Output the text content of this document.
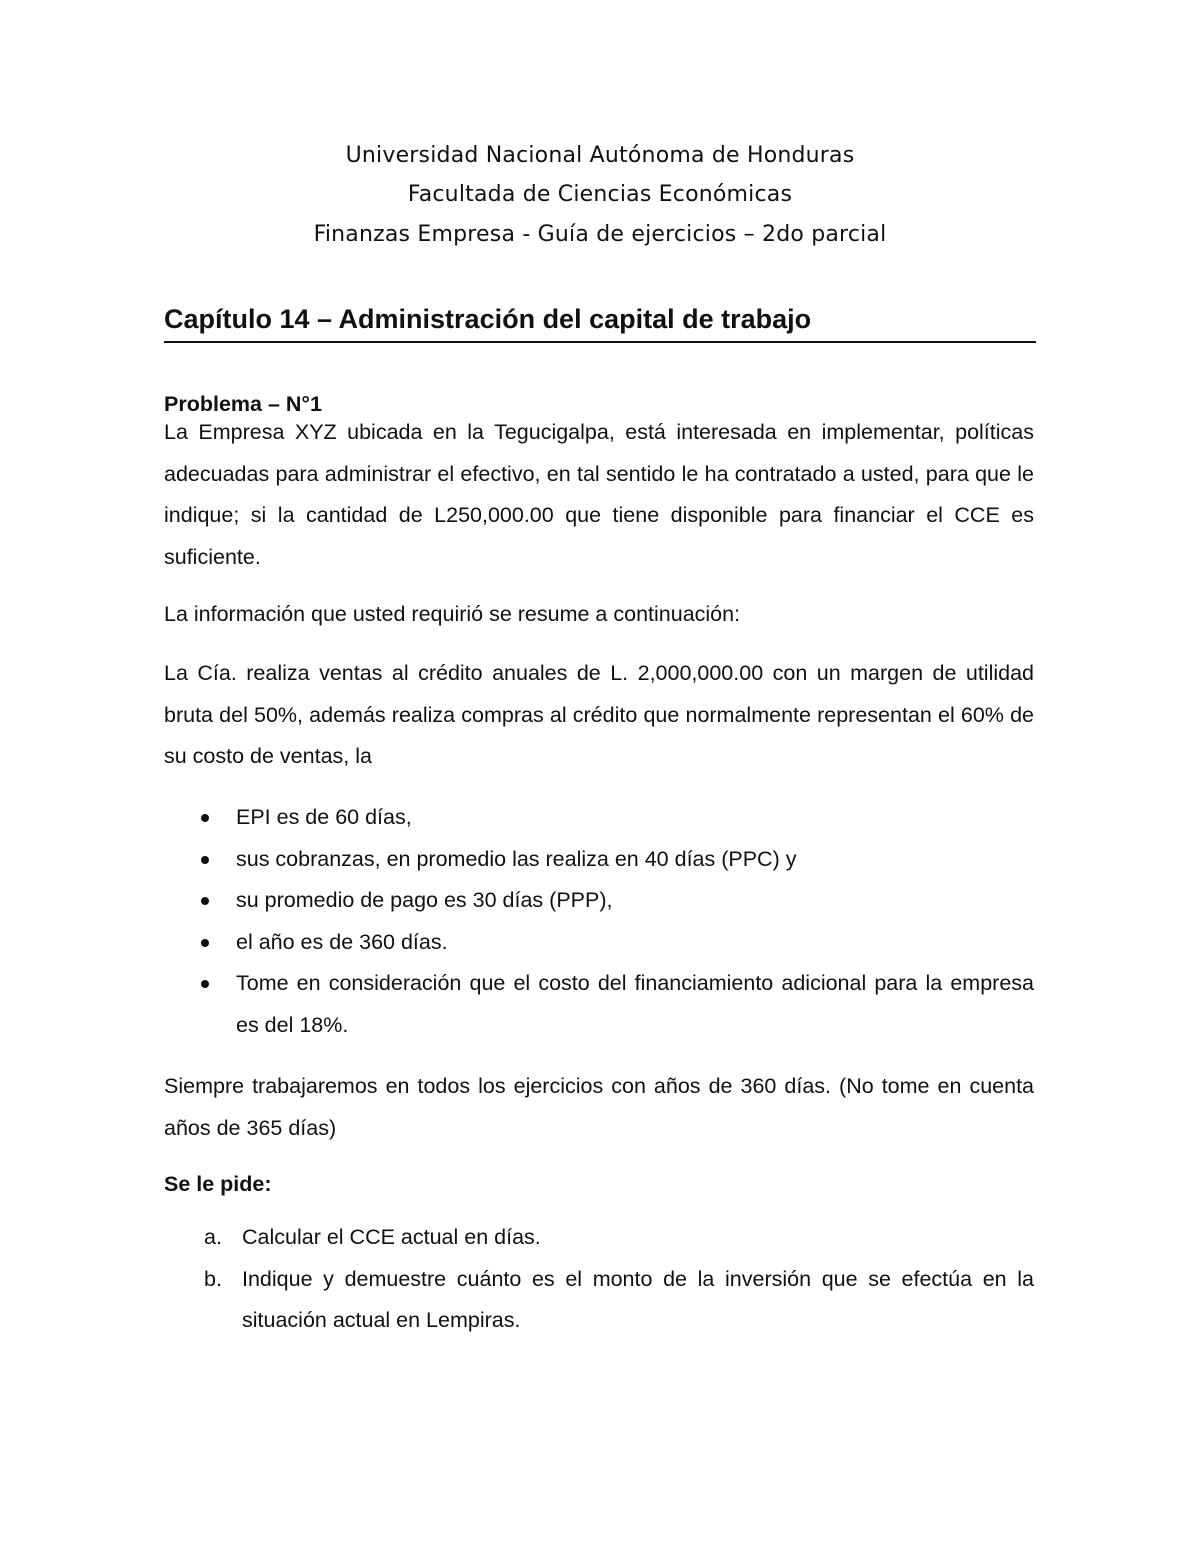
Universidad Nacional Autónoma de Honduras
Facultada de Ciencias Económicas
Finanzas Empresa - Guía de ejercicios – 2do parcial
Capítulo 14 – Administración del capital de trabajo
Problema – N°1
La Empresa XYZ ubicada en la Tegucigalpa, está interesada en implementar, políticas adecuadas para administrar el efectivo, en tal sentido le ha contratado a usted, para que le indique; si la cantidad de L250,000.00 que tiene disponible para financiar el CCE es suficiente.
La información que usted requirió se resume a continuación:
La Cía. realiza ventas al crédito anuales de L. 2,000,000.00 con un margen de utilidad bruta del 50%, además realiza compras al crédito que normalmente representan el 60% de su costo de ventas, la
EPI es de 60 días,
sus cobranzas, en promedio las realiza en 40 días (PPC) y
su promedio de pago es 30 días (PPP),
el año es de 360 días.
Tome en consideración que el costo del financiamiento adicional para la empresa es del 18%.
Siempre trabajaremos en todos los ejercicios con años de 360 días. (No tome en cuenta años de 365 días)
Se le pide:
a. Calcular el CCE actual en días.
b. Indique y demuestre cuánto es el monto de la inversión que se efectúa en la situación actual en Lempiras.
